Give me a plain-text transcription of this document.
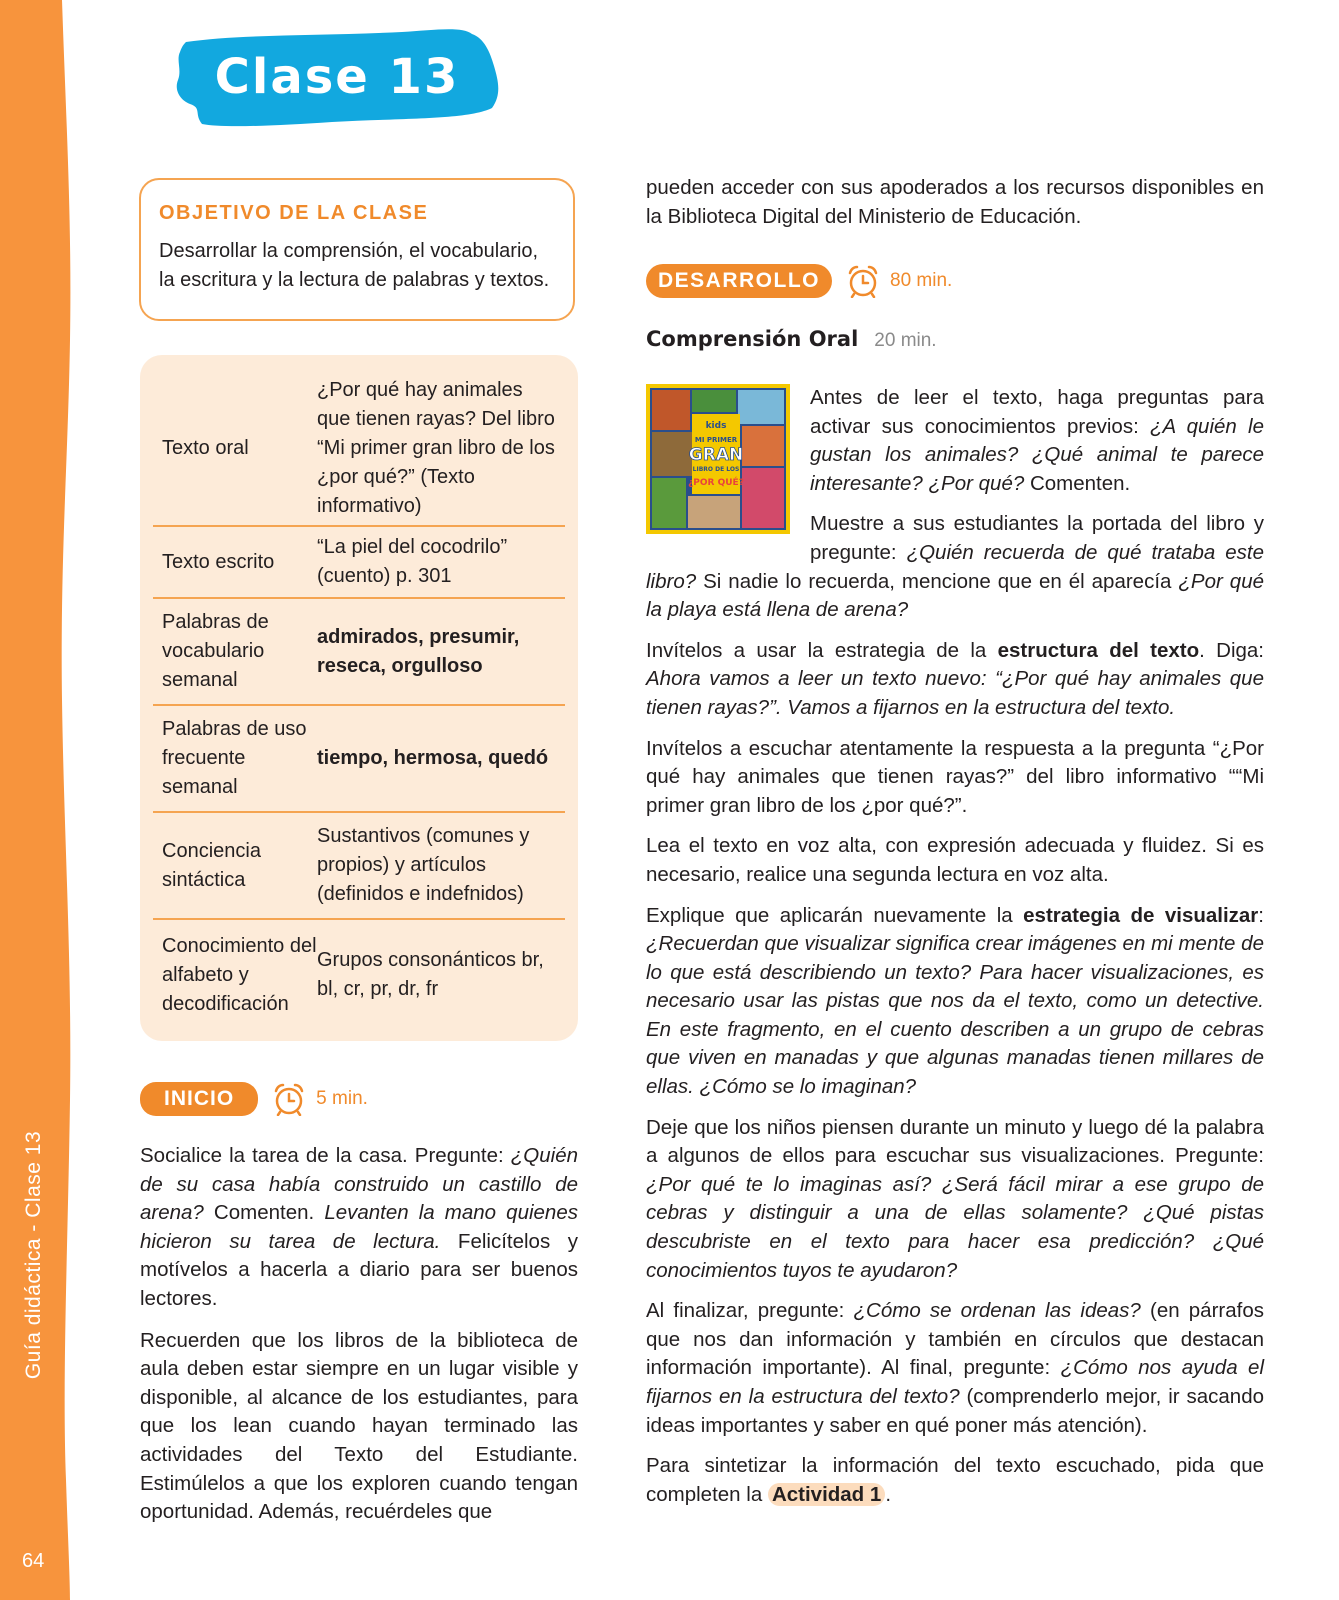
Guía didáctica - Clase 13
64
Clase 13
OBJETIVO DE LA CLASE
Desarrollar la comprensión, el vocabulario, la escritura y la lectura de palabras y textos.
Texto oral
¿Por qué hay animales que tienen rayas? Del libro “Mi primer gran libro de los ¿por qué?” (Texto informativo)
Texto escrito
“La piel del cocodrilo” (cuento) p. 301
Palabras de vocabulario semanal
admirados, presumir, reseca, orgulloso
Palabras de uso frecuente semanal
tiempo, hermosa, quedó
Conciencia sintáctica
Sustantivos (comunes y propios) y artículos (definidos e indefnidos)
Conocimiento del alfabeto y decodificación
Grupos consonánticos br, bl, cr, pr, dr, fr
INICIO	5 min.

Socialice la tarea de la casa. Pregunte: ¿Quién de su casa había construido un castillo de arena? Comenten. Levanten la mano quienes hicieron su tarea de lectura. Felicítelos y motívelos a hacerla a diario para ser buenos lectores.

Recuerden que los libros de la biblioteca de aula deben estar siempre en un lugar visible y disponible, al alcance de los estudiantes, para que los lean cuando hayan terminado las actividades del Texto del Estudiante. Estimúlelos a que los exploren cuando tengan oportunidad. Además, recuérdeles que

pueden acceder con sus apoderados a los recursos disponibles en la Biblioteca Digital del Ministerio de Educación.

DESARROLLO	80 min.
Comprensión Oral 20 min.
kids
MI PRIMER
GRAN
LIBRO DE LOS
¿POR QUÉ?

Antes de leer el texto, haga preguntas para activar sus conocimientos previos: ¿A quién le gustan los animales? ¿Qué animal te parece interesante? ¿Por qué? Comenten.

Muestre a sus estudiantes la portada del libro y pregunte: ¿Quién recuerda de qué trataba este libro? Si nadie lo recuerda, mencione que en él aparecía ¿Por qué la playa está llena de arena?

Invítelos a usar la estrategia de la estructura del texto. Diga: Ahora vamos a leer un texto nuevo: “¿Por qué hay animales que tienen rayas?”. Vamos a fijarnos en la estructura del texto.

Invítelos a escuchar atentamente la respuesta a la pregunta “¿Por qué hay animales que tienen rayas?” del libro informativo ““Mi primer gran libro de los ¿por qué?”.

Lea el texto en voz alta, con expresión adecuada y fluidez. Si es necesario, realice una segunda lectura en voz alta.

Explique que aplicarán nuevamente la estrategia de visualizar: ¿Recuerdan que visualizar significa crear imágenes en mi mente de lo que está describiendo un texto? Para hacer visualizaciones, es necesario usar las pistas que nos da el texto, como un detective. En este fragmento, en el cuento describen a un grupo de cebras que viven en manadas y que algunas manadas tienen millares de ellas. ¿Cómo se lo imaginan?

Deje que los niños piensen durante un minuto y luego dé la palabra a algunos de ellos para escuchar sus visualizaciones. Pregunte: ¿Por qué te lo imaginas así? ¿Será fácil mirar a ese grupo de cebras y distinguir a una de ellas solamente? ¿Qué pistas descubriste en el texto para hacer esa predicción? ¿Qué conocimientos tuyos te ayudaron?

Al finalizar, pregunte: ¿Cómo se ordenan las ideas? (en párrafos que nos dan información y también en círculos que destacan información importante). Al final, pregunte: ¿Cómo nos ayuda el fijarnos en la estructura del texto? (comprenderlo mejor, ir sacando ideas importantes y saber en qué poner más atención).

Para sintetizar la información del texto escuchado, pida que completen la Actividad 1 .
